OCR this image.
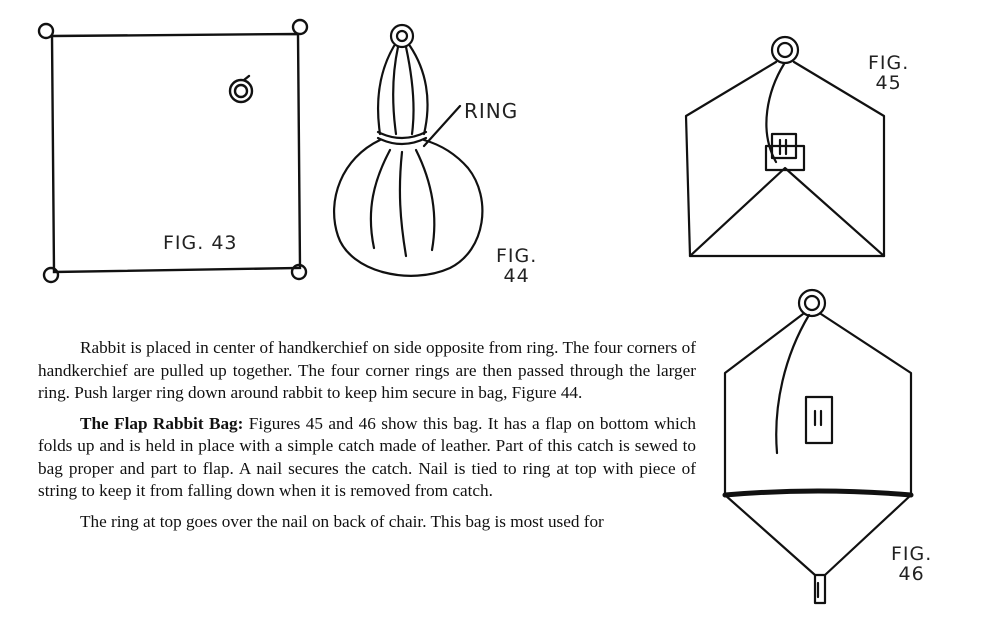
FIG. 43
RING
FIG.
44
FIG.
45
FIG.
46

Rabbit is placed in center of handkerchief on side opposite from ring. The four corners of handkerchief are pulled up together. The four corner rings are then passed through the larger ring. Push larger ring down around rabbit to keep him secure in bag, Figure 44.

The Flap Rabbit Bag: Figures 45 and 46 show this bag. It has a flap on bottom which folds up and is held in place with a simple catch made of leather. Part of this catch is sewed to bag proper and part to flap. A nail secures the catch. Nail is tied to ring at top with piece of string to keep it from falling down when it is removed from catch.

The ring at top goes over the nail on back of chair. This bag is most used for
